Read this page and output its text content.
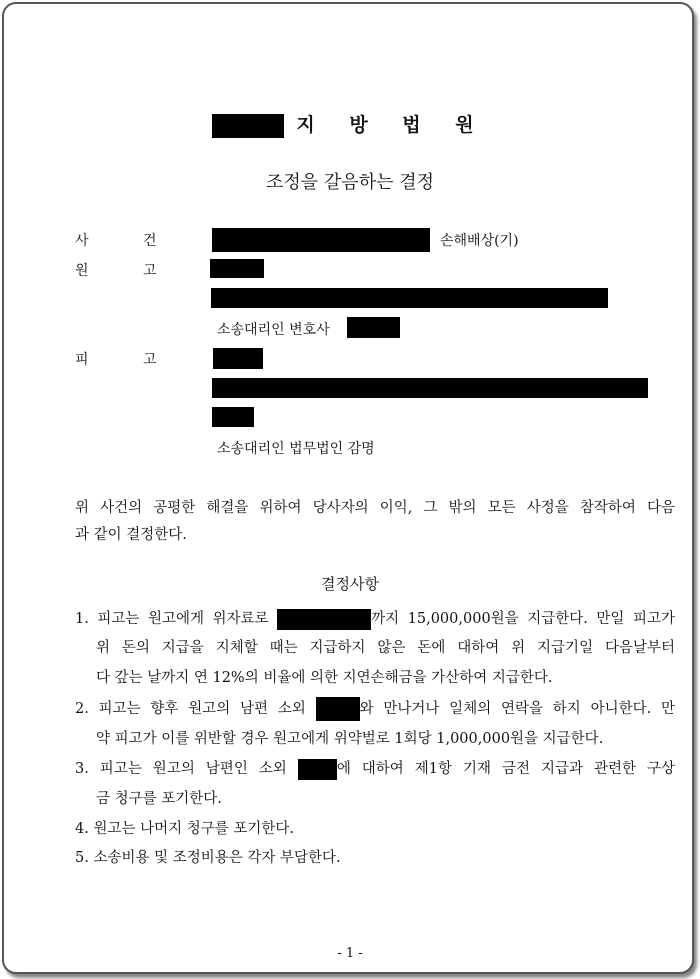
지 방 법 원
조정을 갈음하는 결정
사	건	손해배상(기)
원	고
소송대리인 변호사
피	고
소송대리인 법무법인 감명
위 사건의 공평한 해결을 위하여 당사자의 이익, 그 밖의 모든 사정을 참작하여 다음
과 같이 결정한다.
결정사항
1. 피고는 원고에게 위자료로	까지 15,000,000원을 지급한다. 만일 피고가
위 돈의 지급을 지체할 때는 지급하지 않은 돈에 대하여 위 지급기일 다음날부터
다 갚는 날까지 연 12%의 비율에 의한 지연손해금을 가산하여 지급한다.
2. 피고는 향후 원고의 남편 소외	와 만나거나 일체의 연락을 하지 아니한다. 만
약 피고가 이를 위반할 경우 원고에게 위약벌로 1회당 1,000,000원을 지급한다.
3. 피고는 원고의 남편인 소외	에 대하여 제1항 기재 금전 지급과 관련한 구상
금 청구를 포기한다.
4. 원고는 나머지 청구를 포기한다.
5. 소송비용 및 조정비용은 각자 부담한다.
- 1 -
